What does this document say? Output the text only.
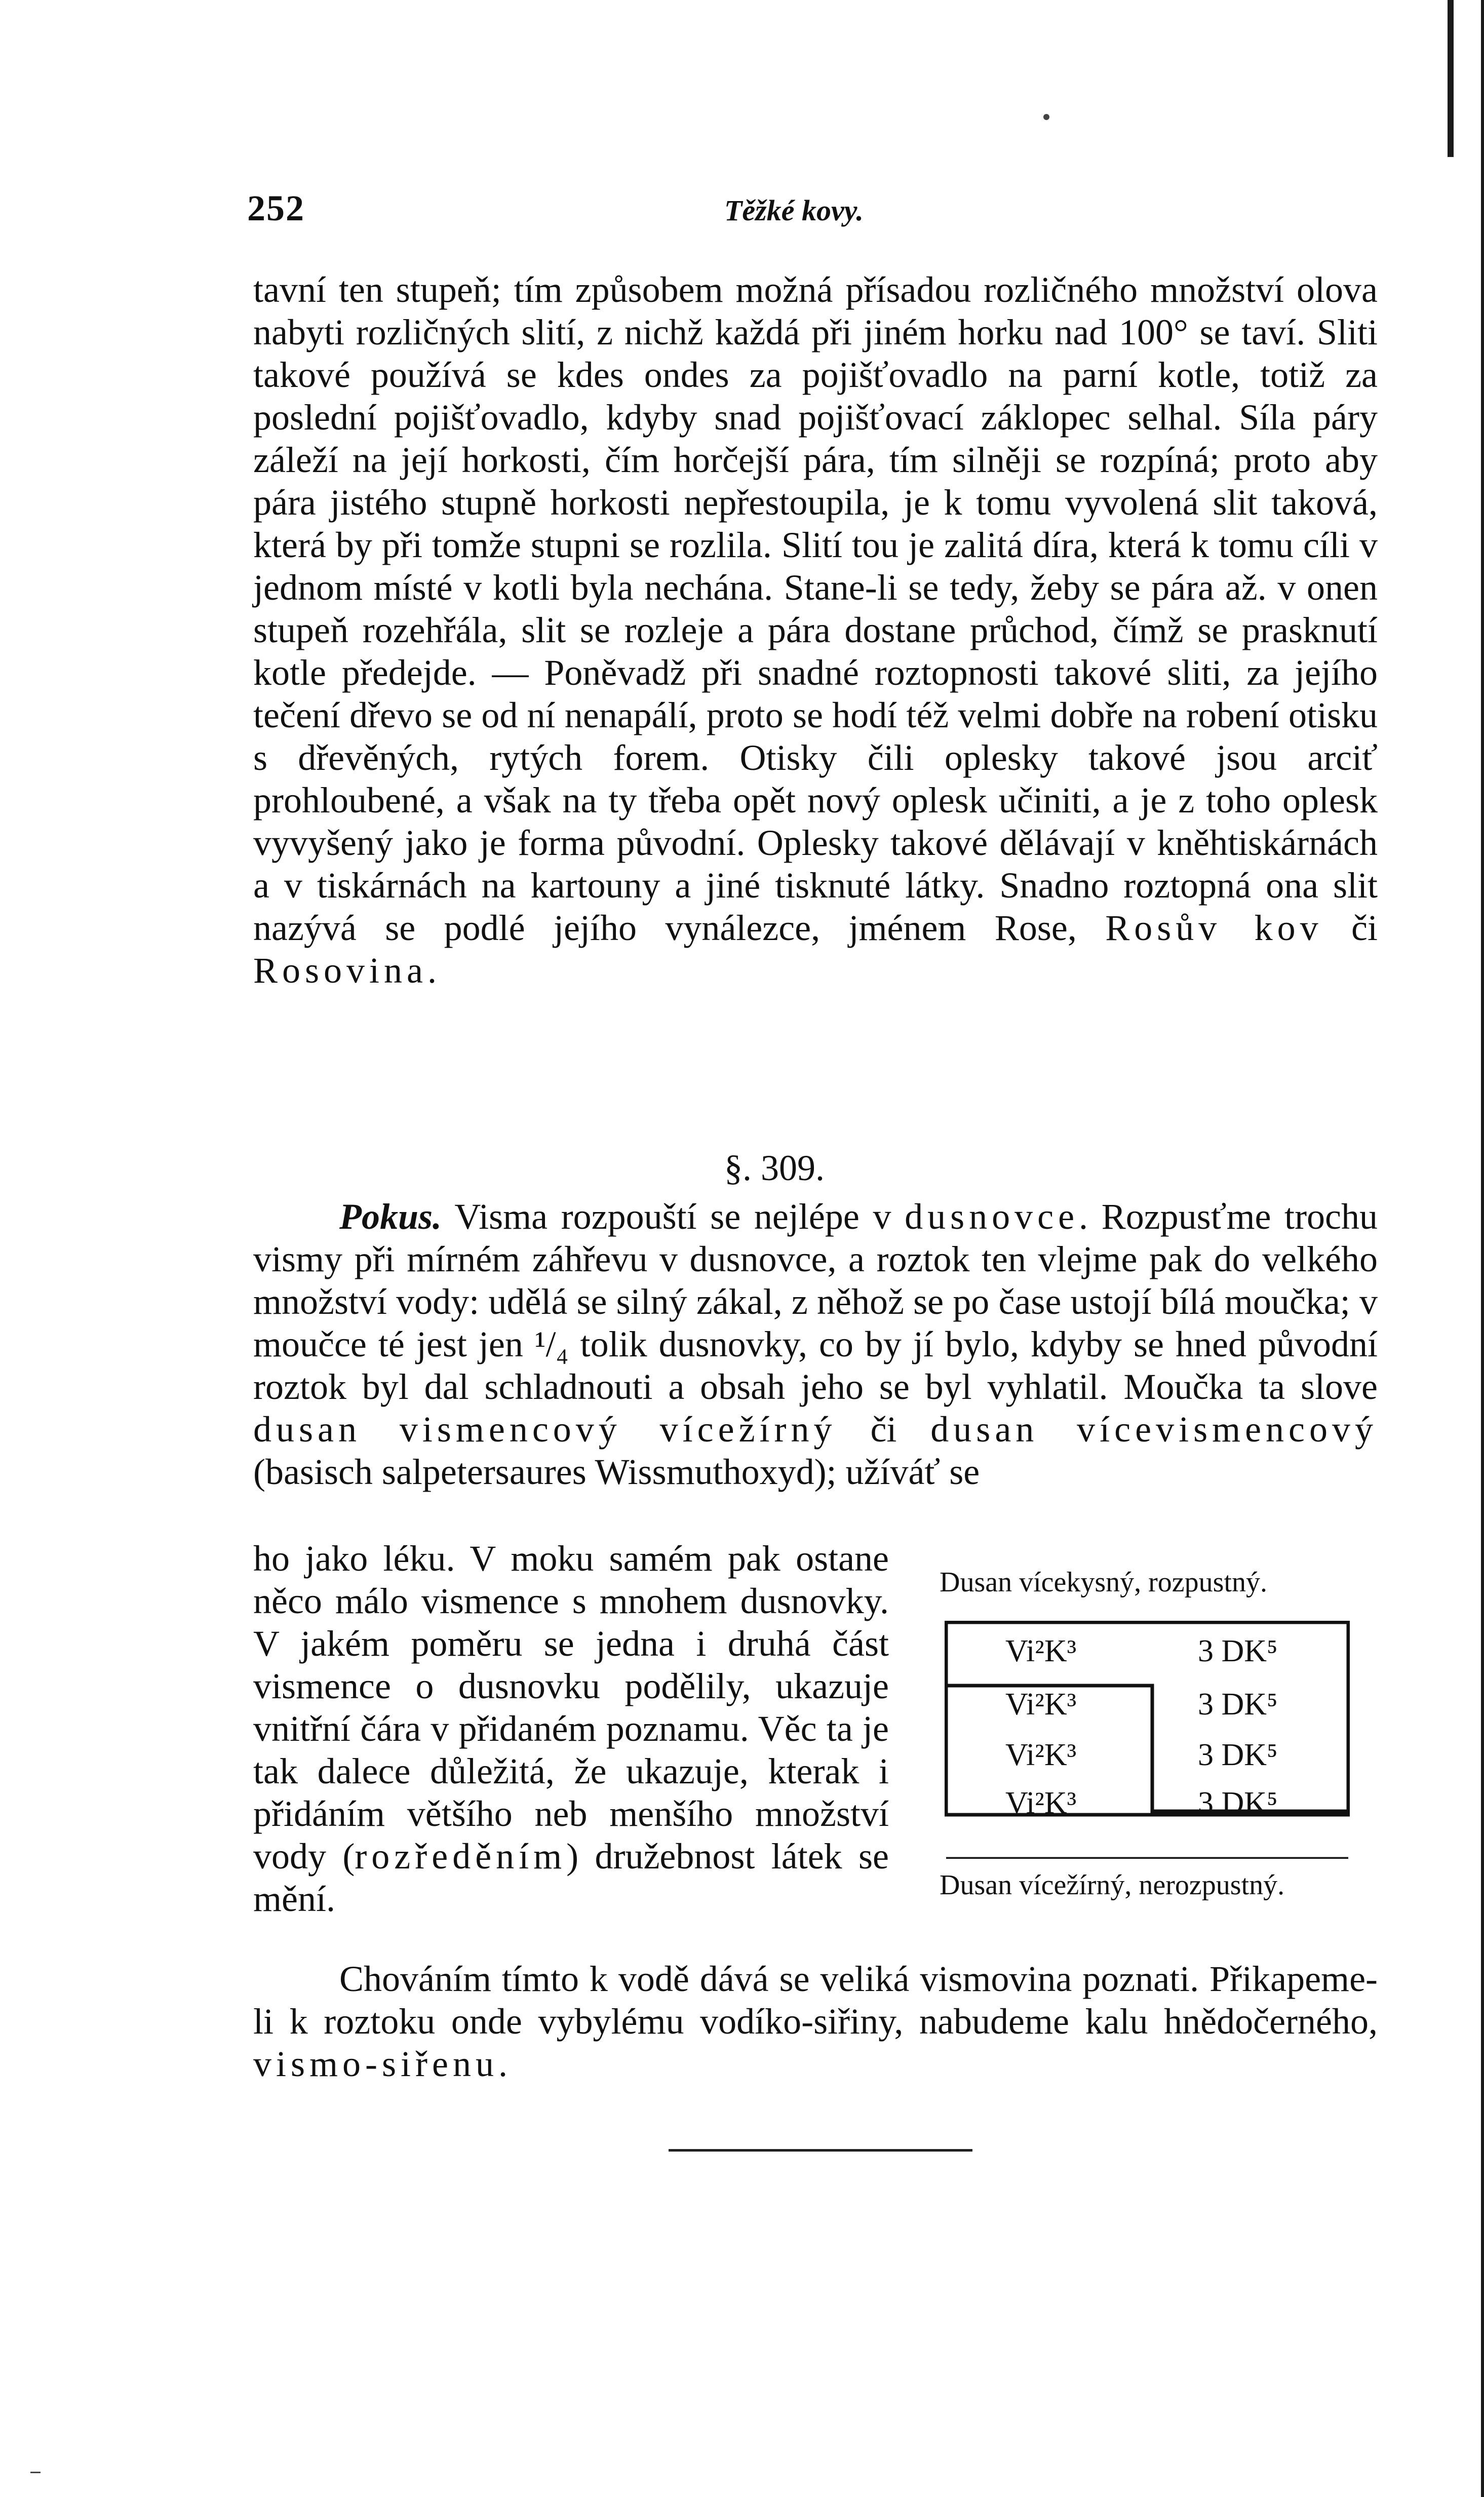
252	Těžké kovy.

tavní ten stupeň; tím způsobem možná přísadou rozličného množství olova nabyti rozličných slití, z nichž každá při jiném horku nad 100° se taví. Sliti takové používá se kdes ondes za pojišťovadlo na parní kotle, totiž za poslední pojišťovadlo, kdyby snad pojišťovací záklopec selhal. Síla páry záleží na její horkosti, čím horčejší pára, tím silněji se rozpíná; proto aby pára jistého stupně horkosti nepřestoupila, je k tomu vyvolená slit taková, která by při tomže stupni se rozlila. Slití tou je zalitá díra, která k tomu cíli v jednom místé v kotli byla nechána. Stane-li se tedy, žeby se pára až. v onen stupeň rozehřála, slit se rozleje a pára dostane průchod, čímž se prasknutí kotle předejde. — Poněvadž při snadné roztopnosti takové sliti, za jejího tečení dřevo se od ní nenapálí, proto se hodí též velmi dobře na robení otisku s dřevěných, rytých forem. Otisky čili oplesky takové jsou arciť prohloubené, a však na ty třeba opět nový oplesk učiniti, a je z toho oplesk vyvyšený jako je forma původní. Oplesky takové dělávají v kněhtiskárnách a v tiskárnách na kartouny a jiné tisknuté látky. Snadno roztopná ona slit nazývá se podlé jejího vynálezce, jménem Rose, Rosův kov či Rosovina.

§. 309.

Pokus. Visma rozpouští se nejlépe v dusnovce. Rozpusťme trochu vismy při mírném záhřevu v dusnovce, a roztok ten vlejme pak do velkého množství vody: udělá se silný zákal, z něhož se po čase ustojí bílá moučka; v moučce té jest jen ¹/₄ tolik dusnovky, co by jí bylo, kdyby se hned původní roztok byl dal schladnouti a obsah jeho se byl vyhlatil. Moučka ta slove dusan vismencový vícežírný či dusan vícevismencový (basisch salpetersaures Wissmuthoxyd); užíváť se

ho jako léku. V moku samém pak ostane něco málo vismence s mnohem dusnovky. V jakém poměru se jedna i druhá část vismence o dusnovku podělily, ukazuje vnitřní čára v přidaném poznamu. Věc ta je tak dalece důležitá, že ukazuje, kterak i přidáním většího neb menšího množství vody (rozředěním) družebnost látek se mění.

Dusan vícekysný, rozpustný.
Vi²K³
Vi²K³
Vi²K³
Vi²K³
3 DK⁵
3 DK⁵
3 DK⁵
3 DK⁵
Dusan vícežírný, nerozpustný.

Chováním tímto k vodě dává se veliká vismovina poznati. Přikapeme-li k roztoku onde vybylému vodíko-siřiny, nabudeme kalu hnědočerného, vismo-siřenu.
